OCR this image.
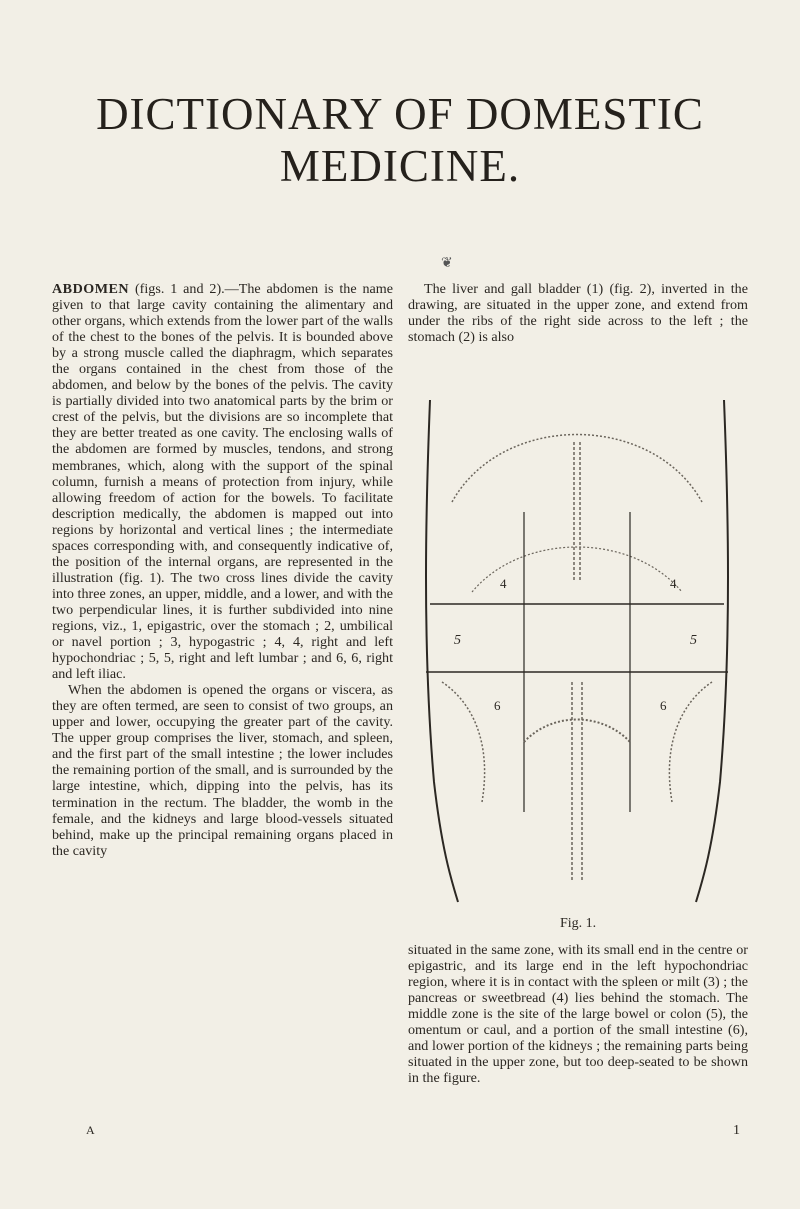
DICTIONARY OF DOMESTIC MEDICINE.
❦

ABDOMEN (figs. 1 and 2).—The abdomen is the name given to that large cavity containing the alimentary and other organs, which extends from the lower part of the walls of the chest to the bones of the pelvis. It is bounded above by a strong muscle called the diaphragm, which separates the organs contained in the chest from those of the abdomen, and below by the bones of the pelvis. The cavity is partially divided into two anatomical parts by the brim or crest of the pelvis, but the divisions are so incomplete that they are better treated as one cavity. The enclosing walls of the abdomen are formed by muscles, tendons, and strong membranes, which, along with the support of the spinal column, furnish a means of protection from injury, while allowing freedom of action for the bowels. To facilitate description medically, the abdomen is mapped out into regions by horizontal and vertical lines ; the intermediate spaces corresponding with, and consequently indicative of, the position of the internal organs, are represented in the illustration (fig. 1). The two cross lines divide the cavity into three zones, an upper, middle, and a lower, and with the two perpendicular lines, it is further subdivided into nine regions, viz., 1, epigastric, over the stomach ; 2, umbilical or navel portion ; 3, hypogastric ; 4, 4, right and left hypochondriac ; 5, 5, right and left lumbar ; and 6, 6, right and left iliac.

When the abdomen is opened the organs or viscera, as they are often termed, are seen to consist of two groups, an upper and lower, occupying the greater part of the cavity. The upper group comprises the liver, stomach, and spleen, and the first part of the small intestine ; the lower includes the remaining portion of the small, and is surrounded by the large intestine, which, dipping into the pelvis, has its termination in the rectum. The bladder, the womb in the female, and the kidneys and large blood-vessels situated behind, make up the principal remaining organs placed in the cavity

The liver and gall bladder (1) (fig. 2), inverted in the drawing, are situated in the upper zone, and extend from under the ribs of the right side across to the left ; the stomach (2) is also

4	4
5	5
6	6
Fig. 1.

situated in the same zone, with its small end in the centre or epigastric, and its large end in the left hypochondriac region, where it is in contact with the spleen or milt (3) ; the pancreas or sweetbread (4) lies behind the stomach. The middle zone is the site of the large bowel or colon (5), the omentum or caul, and a portion of the small intestine (6), and lower portion of the kidneys ; the remaining parts being situated in the upper zone, but too deep-seated to be shown in the figure.

A	1
